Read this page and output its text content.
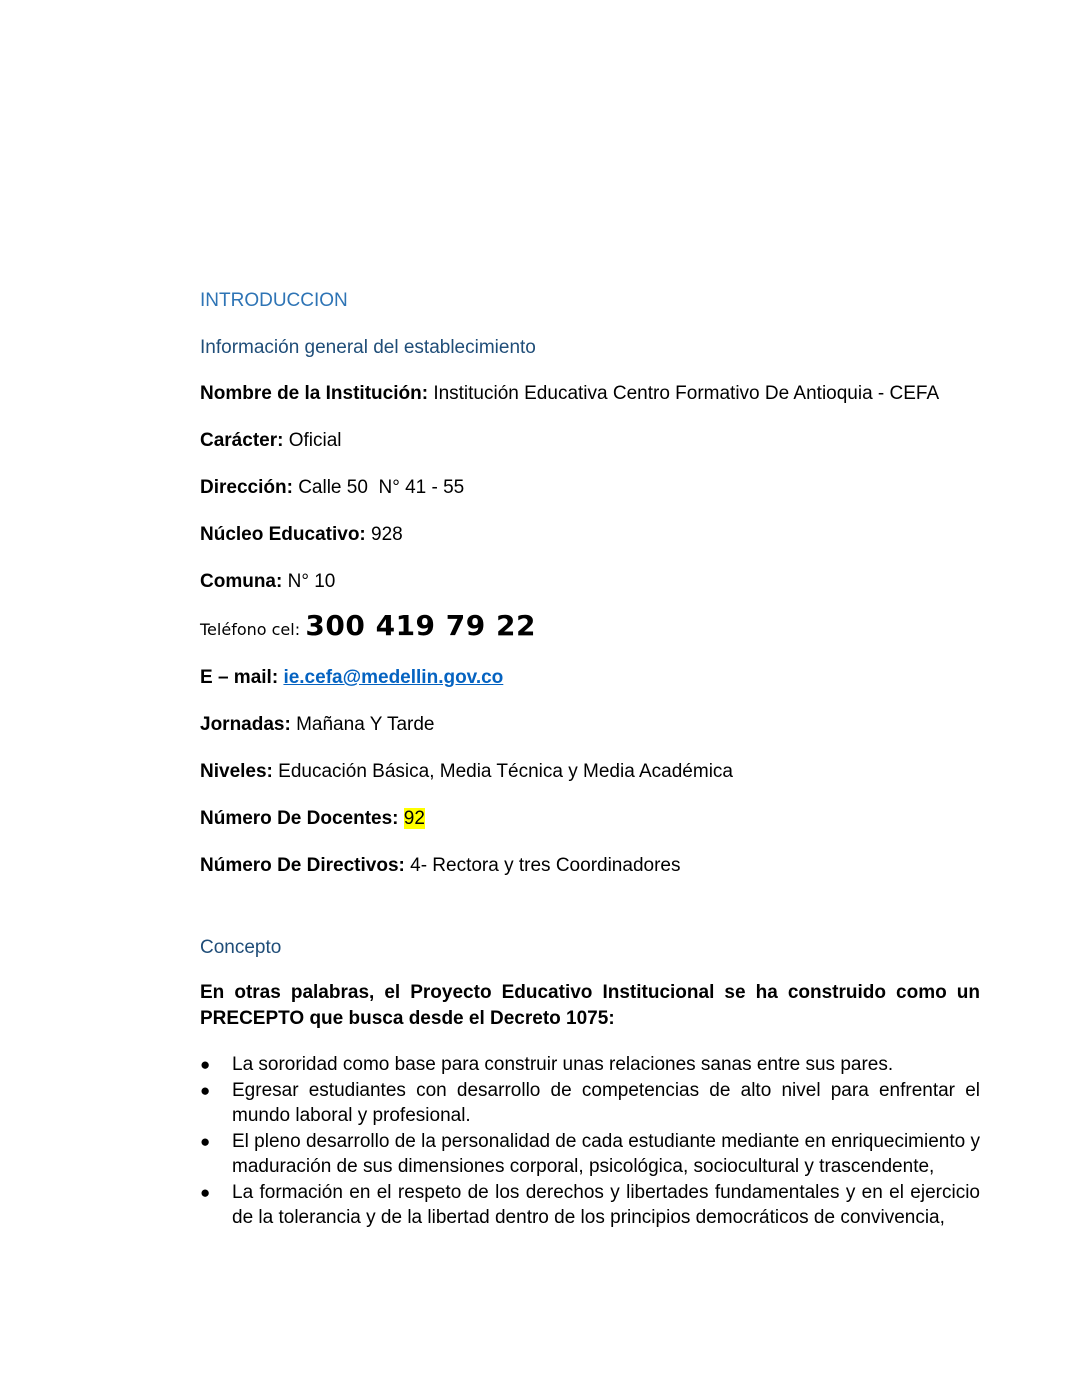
INTRODUCCION
Información general del establecimiento

Nombre de la Institución: Institución Educativa Centro Formativo De Antioquia - CEFA

Carácter: Oficial

Dirección: Calle 50  N° 41 - 55

Núcleo Educativo: 928

Comuna: N° 10

Teléfono cel: 300 419 79 22

E – mail: ie.cefa@medellin.gov.co

Jornadas: Mañana Y Tarde

Niveles: Educación Básica, Media Técnica y Media Académica

Número De Docentes: 92

Número De Directivos: 4- Rectora y tres Coordinadores

Concepto

En otras palabras, el Proyecto Educativo Institucional se ha construido como un PRECEPTO que busca desde el Decreto 1075:

● La sororidad como base para construir unas relaciones sanas entre sus pares.
● Egresar estudiantes con desarrollo de competencias de alto nivel para enfrentar el mundo laboral y profesional.
● El pleno desarrollo de la personalidad de cada estudiante mediante en enriquecimiento y maduración de sus dimensiones corporal, psicológica, sociocultural y trascendente,
● La formación en el respeto de los derechos y libertades fundamentales y en el ejercicio de la tolerancia y de la libertad dentro de los principios democráticos de convivencia,
